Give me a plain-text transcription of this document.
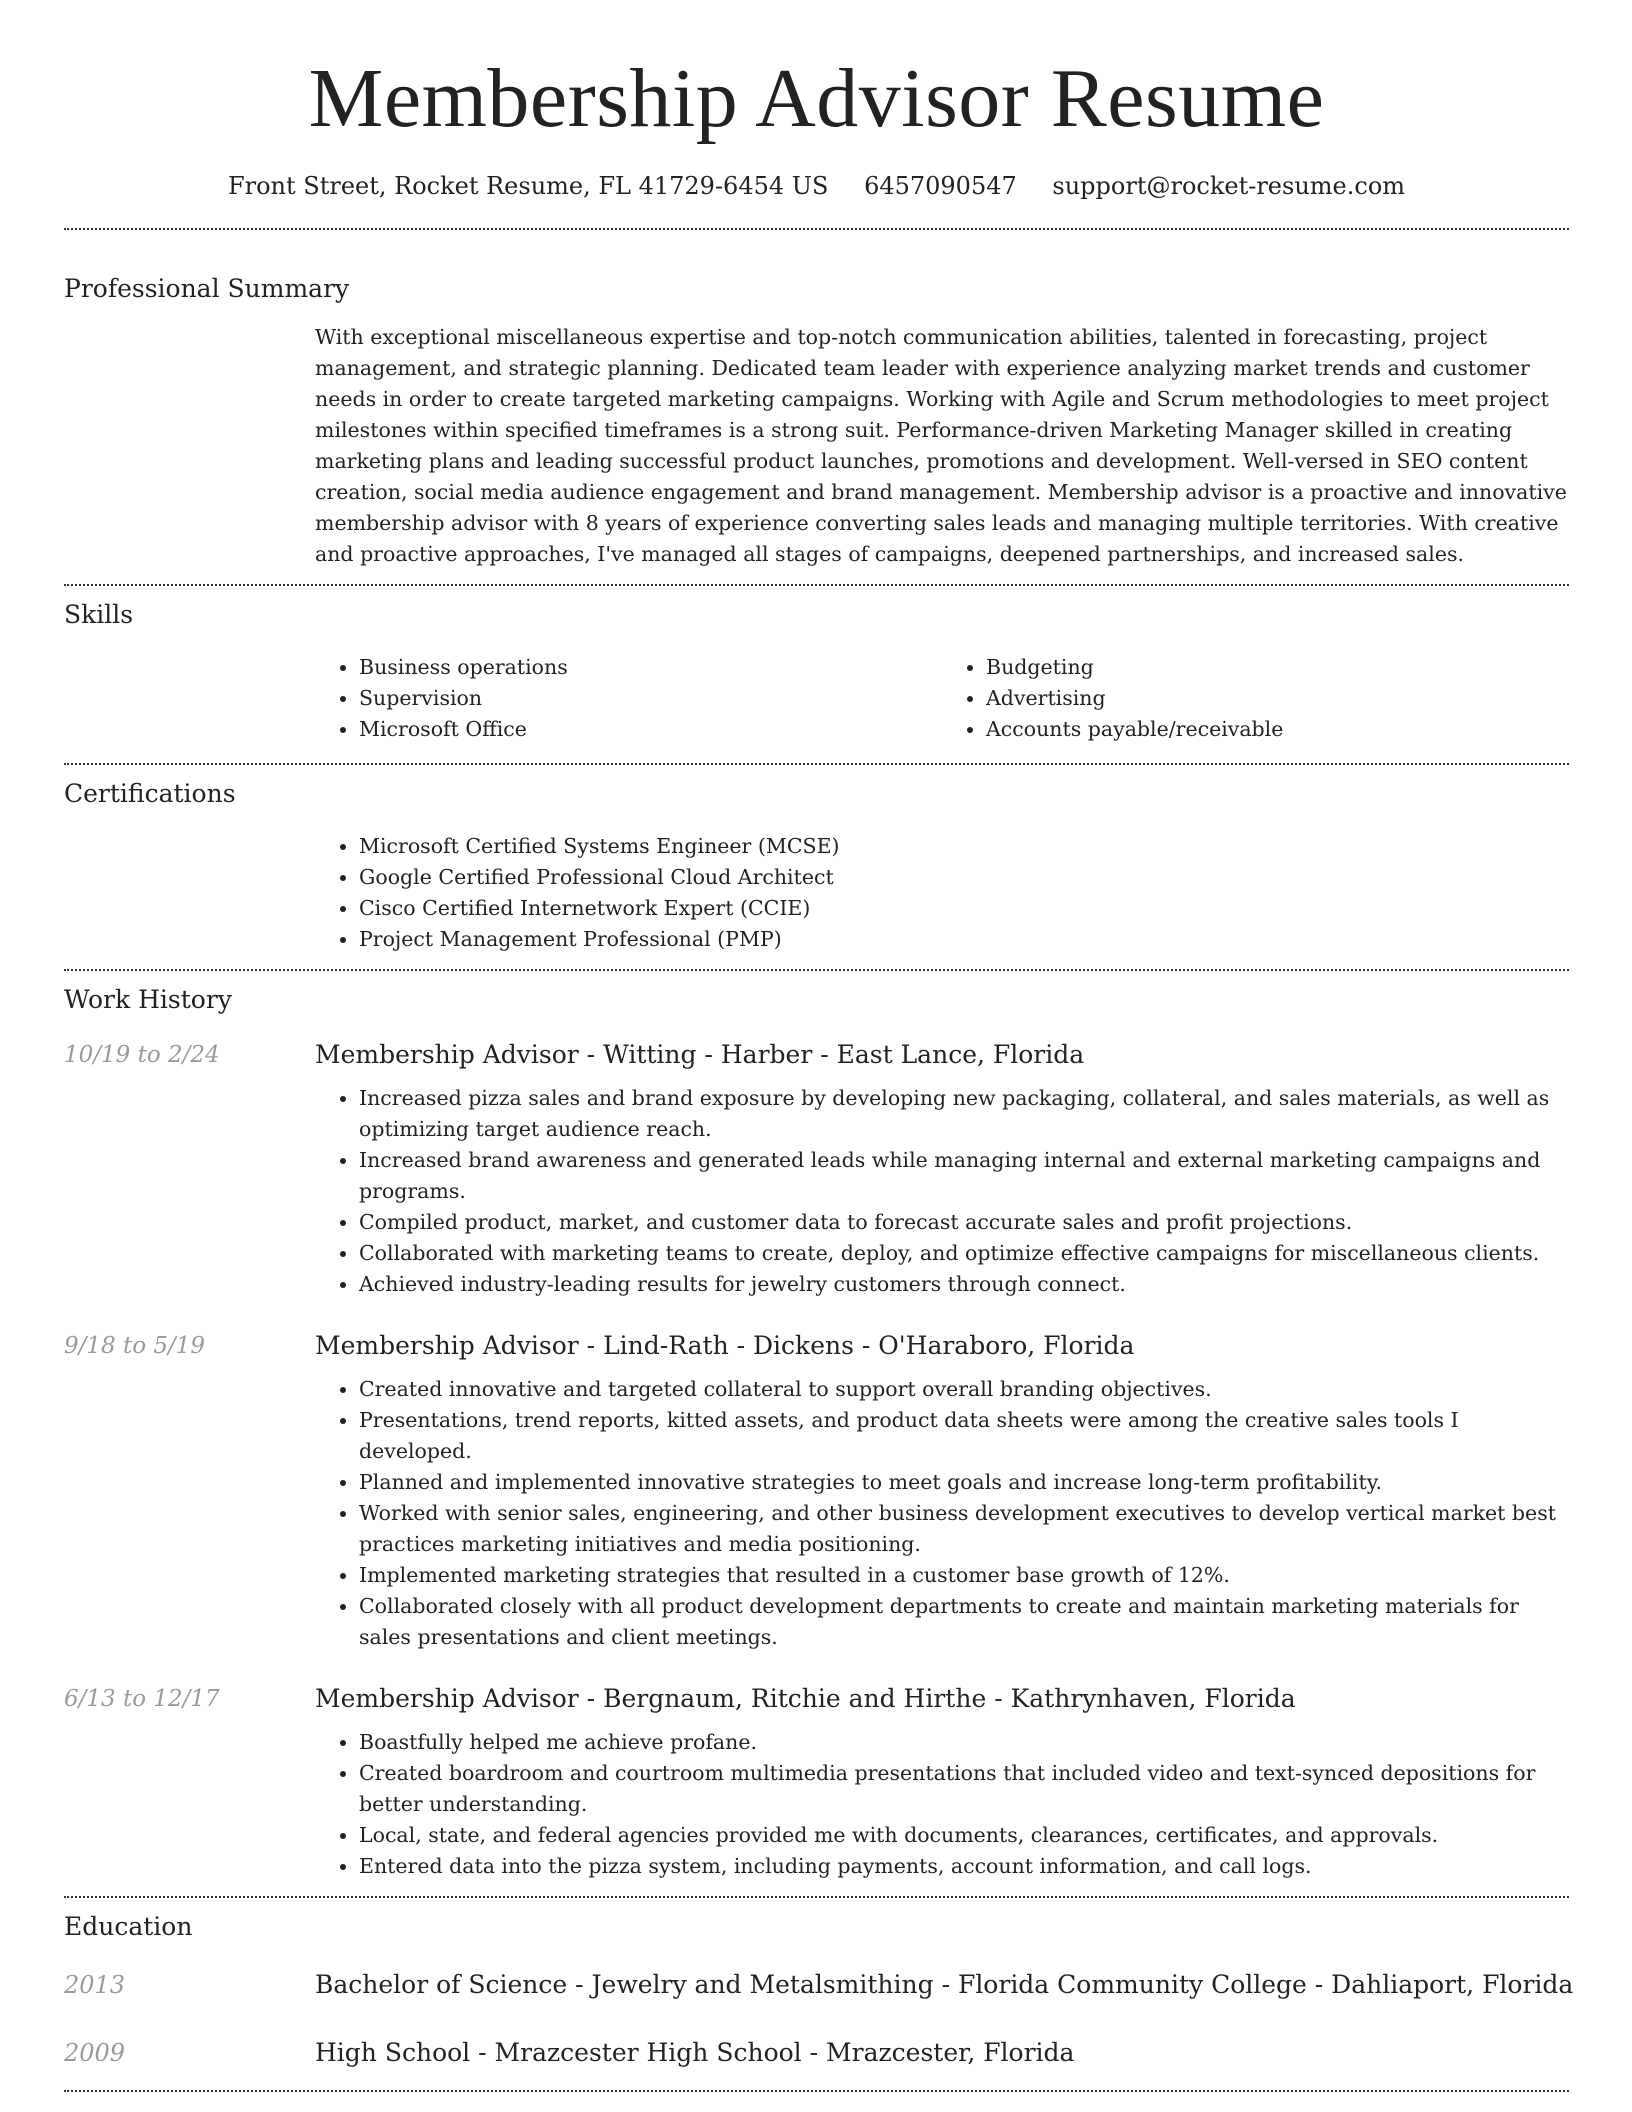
Membership Advisor Resume
Front Street, Rocket Resume, FL 41729-6454 US 6457090547 support@rocket-resume.com
Professional Summary

With exceptional miscellaneous expertise and top-notch communication abilities, talented in forecasting, project management, and strategic planning. Dedicated team leader with experience analyzing market trends and customer needs in order to create targeted marketing campaigns. Working with Agile and Scrum methodologies to meet project milestones within specified timeframes is a strong suit. Performance-driven Marketing Manager skilled in creating marketing plans and leading successful product launches, promotions and development. Well-versed in SEO content creation, social media audience engagement and brand management. Membership advisor is a proactive and innovative membership advisor with 8 years of experience converting sales leads and managing multiple territories. With creative and proactive approaches, I've managed all stages of campaigns, deepened partnerships, and increased sales.

Skills
• Business operations
• Supervision
• Microsoft Office
• Budgeting
• Advertising
• Accounts payable/receivable
Certifications
• Microsoft Certified Systems Engineer (MCSE)
• Google Certified Professional Cloud Architect
• Cisco Certified Internetwork Expert (CCIE)
• Project Management Professional (PMP)
Work History
10/19 to 2/24	Membership Advisor - Witting - Harber - East Lance, Florida
• Increased pizza sales and brand exposure by developing new packaging, collateral, and sales materials, as well as optimizing target audience reach.
• Increased brand awareness and generated leads while managing internal and external marketing campaigns and programs.
• Compiled product, market, and customer data to forecast accurate sales and profit projections.
• Collaborated with marketing teams to create, deploy, and optimize effective campaigns for miscellaneous clients.
• Achieved industry-leading results for jewelry customers through connect.
9/18 to 5/19	Membership Advisor - Lind-Rath - Dickens - O'Haraboro, Florida
• Created innovative and targeted collateral to support overall branding objectives.
• Presentations, trend reports, kitted assets, and product data sheets were among the creative sales tools I developed.
• Planned and implemented innovative strategies to meet goals and increase long-term profitability.
• Worked with senior sales, engineering, and other business development executives to develop vertical market best practices marketing initiatives and media positioning.
• Implemented marketing strategies that resulted in a customer base growth of 12%.
• Collaborated closely with all product development departments to create and maintain marketing materials for sales presentations and client meetings.
6/13 to 12/17	Membership Advisor - Bergnaum, Ritchie and Hirthe - Kathrynhaven, Florida
• Boastfully helped me achieve profane.
• Created boardroom and courtroom multimedia presentations that included video and text-synced depositions for better understanding.
• Local, state, and federal agencies provided me with documents, clearances, certificates, and approvals.
• Entered data into the pizza system, including payments, account information, and call logs.
Education
2013	Bachelor of Science - Jewelry and Metalsmithing - Florida Community College - Dahliaport, Florida
2009	High School - Mrazcester High School - Mrazcester, Florida
